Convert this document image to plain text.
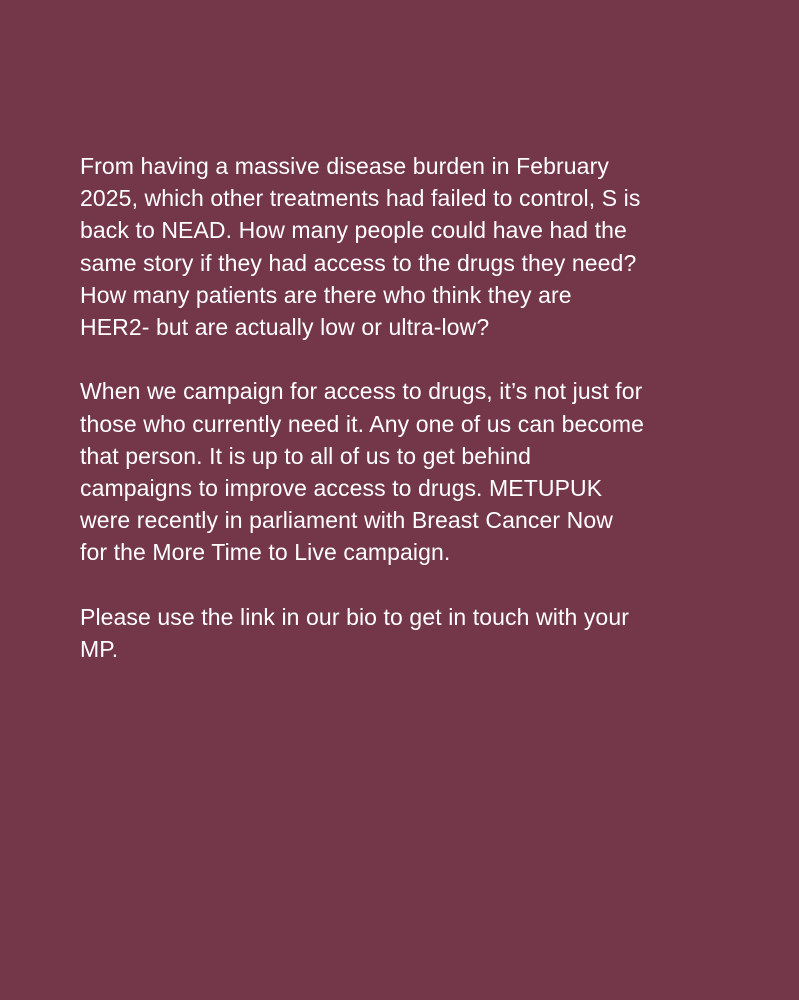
From having a massive disease burden in February
2025, which other treatments had failed to control, S is
back to NEAD. How many people could have had the
same story if they had access to the drugs they need?
How many patients are there who think they are
HER2- but are actually low or ultra-low?

When we campaign for access to drugs, it’s not just for
those who currently need it. Any one of us can become
that person. It is up to all of us to get behind
campaigns to improve access to drugs. METUPUK
were recently in parliament with Breast Cancer Now
for the More Time to Live campaign.

Please use the link in our bio to get in touch with your
MP.
